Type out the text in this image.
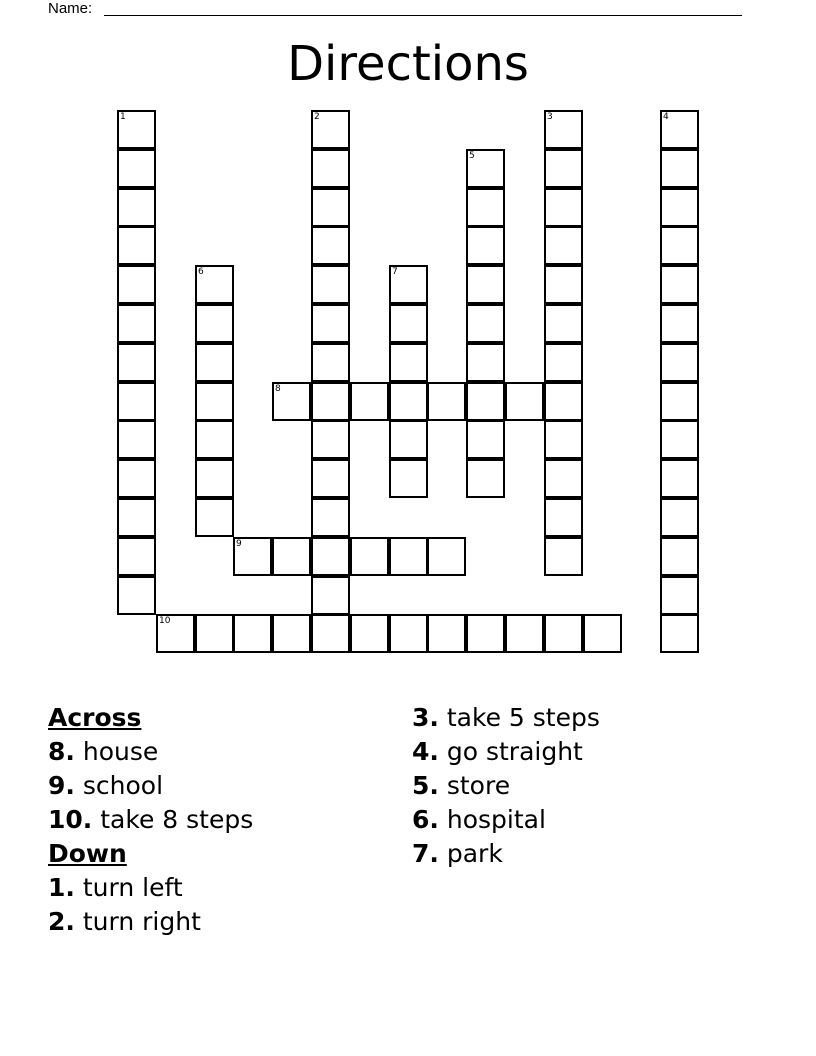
Name:
Directions
1	2	3	4
5
6	7
8
9
10
Across
8. house
9. school
10. take 8 steps
Down
1. turn left
2. turn right
3. take 5 steps
4. go straight
5. store
6. hospital
7. park
